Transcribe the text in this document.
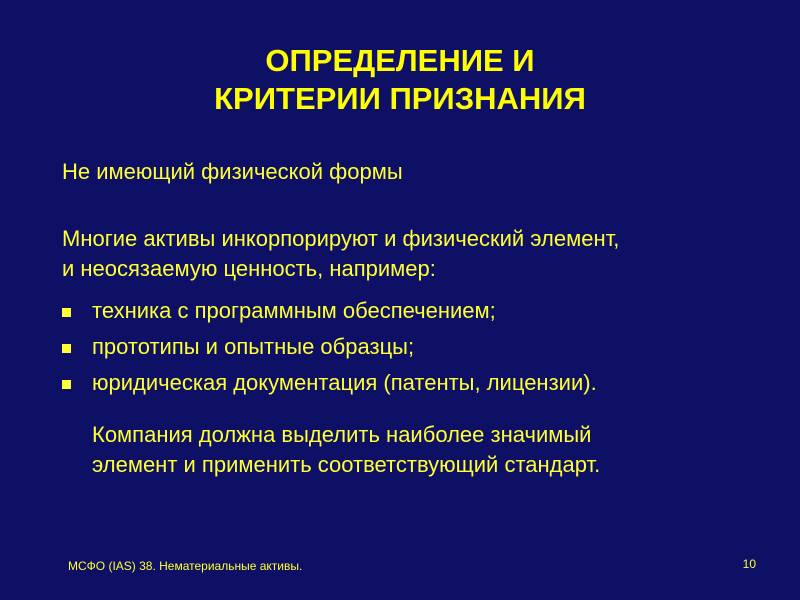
ОПРЕДЕЛЕНИЕ И
КРИТЕРИИ ПРИЗНАНИЯ
Не имеющий физической формы
Многие активы инкорпорируют и физический элемент,
и неосязаемую ценность, например:
техника с программным обеспечением;
прототипы и опытные образцы;
юридическая документация (патенты, лицензии).
Компания должна выделить наиболее значимый
элемент и применить соответствующий стандарт.
МСФО (IAS) 38. Нематериальные активы.	10
